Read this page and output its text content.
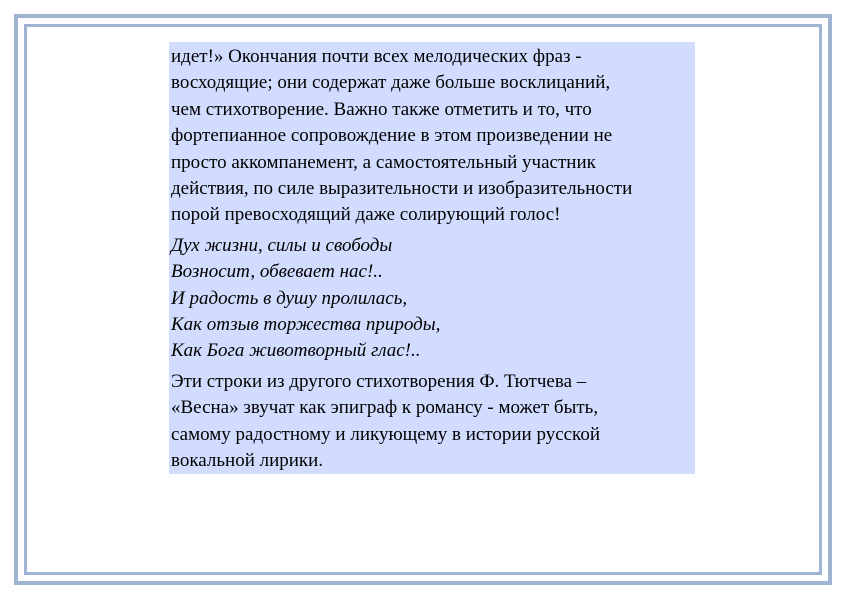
идет!» Окончания почти всех мелодических фраз -
восходящие; они содержат даже больше восклицаний,
чем стихотворение. Важно также отметить и то, что
фортепианное сопровождение в этом произведении не
просто аккомпанемент, а самостоятельный участник
действия, по силе выразительности и изобразительности
порой превосходящий даже солирующий голос!

Дух жизни, силы и свободы
Возносит, обвевает нас!..
И радость в душу пролилась,
Как отзыв торжества природы,
Как Бога животворный глас!..

Эти строки из другого стихотворения Ф. Тютчева –
«Весна» звучат как эпиграф к романсу - может быть,
самому радостному и ликующему в истории русской
вокальной лирики.
